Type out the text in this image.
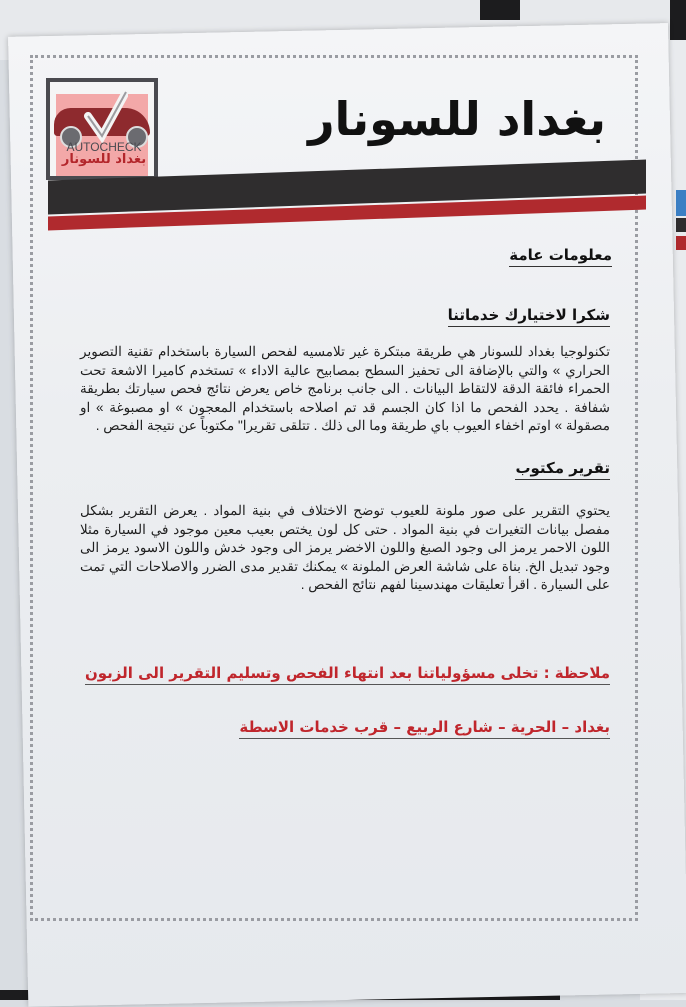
AUTOCHECK
بغداد للسونار
بغداد للسونار
معلومات عامة
شكرا لاختيارك خدماتنا

تكنولوجيا بغداد للسونار هي طريقة مبتكرة غير تلامسيه لفحص السيارة باستخدام تقنية التصوير الحراري » والتي بالإضافة الى تحفيز السطح بمصابيح عالية الاداء » تستخدم كاميرا الاشعة تحت الحمراء فائقة الدقة لالتقاط البيانات . الى جانب برنامج خاص يعرض نتائج فحص سيارتك بطريقة شفافة . يحدد الفحص ما اذا كان الجسم قد تم اصلاحه باستخدام المعجون » او مصبوغة » او مصقولة » اوتم اخفاء العيوب باي طريقة وما الى ذلك . تتلقى تقريرا" مكتوباً عن نتيجة الفحص .

تقرير مكتوب

يحتوي التقرير على صور ملونة للعيوب توضح الاختلاف في بنية المواد . يعرض التقرير بشكل مفصل بيانات التغيرات في بنية المواد . حتى كل لون يختص بعيب معين موجود في السيارة مثلا اللون الاحمر يرمز الى وجود الصبغ واللون الاخضر يرمز الى وجود خدش واللون الاسود يرمز الى وجود تبديل الخ. بناة على شاشة العرض الملونة » يمكنك تقدير مدى الضرر والاصلاحات التي تمت على السيارة . اقرأ تعليقات مهندسينا لفهم نتائج الفحص .

ملاحظة : تخلى مسؤولياتنا بعد انتهاء الفحص وتسليم التقرير الى الزبون
بغداد – الحرية – شارع الربيع – قرب خدمات الاسطة
